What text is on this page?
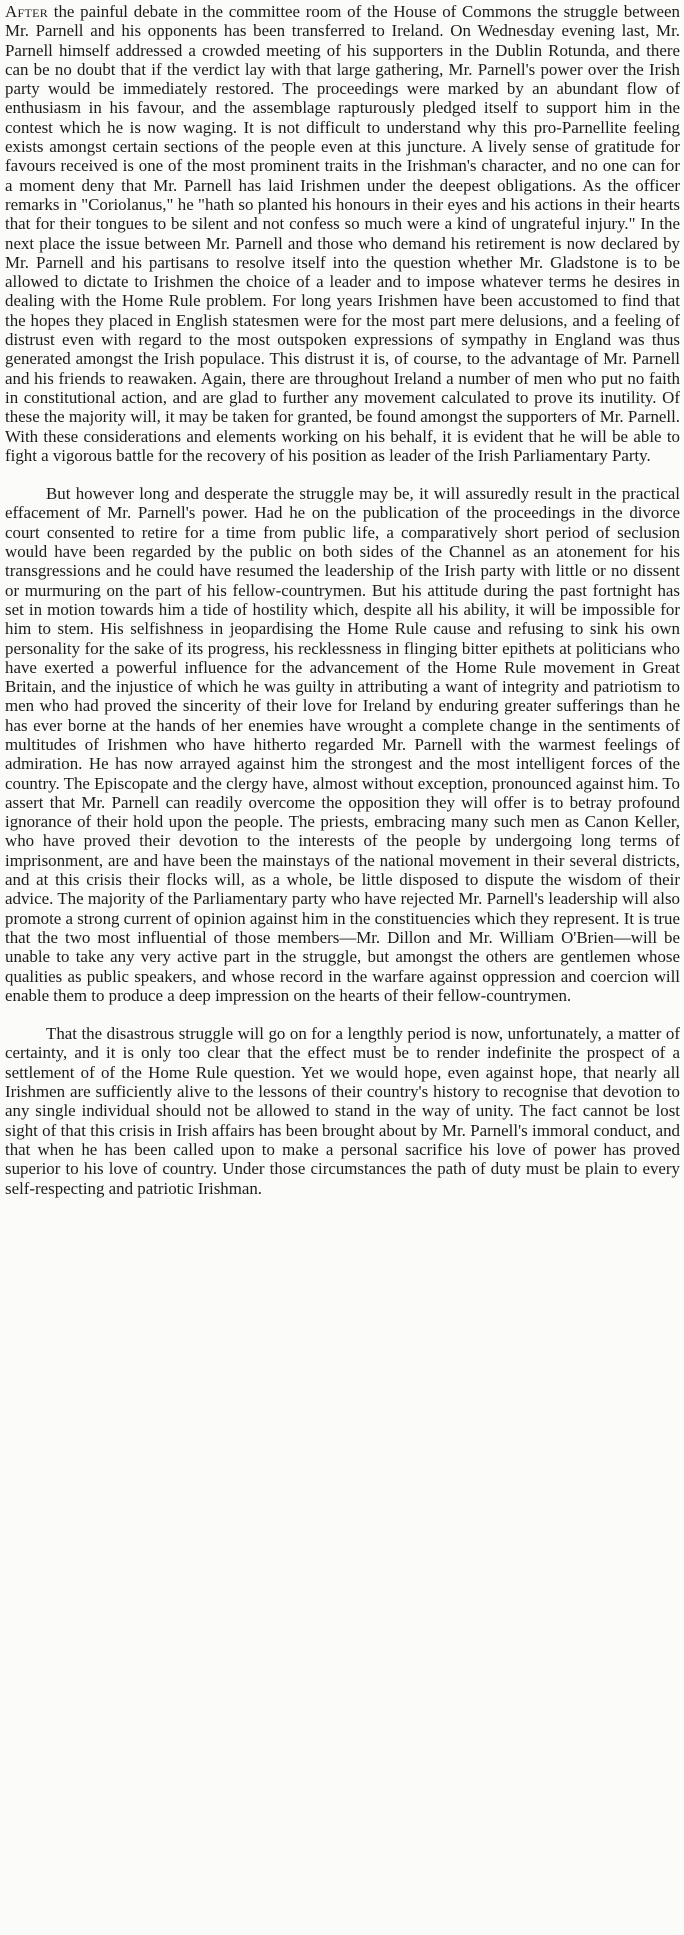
After the painful debate in the committee room of the House of Commons the struggle between Mr. Parnell and his opponents has been transferred to Ireland. On Wednesday evening last, Mr. Parnell himself addressed a crowded meeting of his supporters in the Dublin Rotunda, and there can be no doubt that if the verdict lay with that large gathering, Mr. Parnell's power over the Irish party would be immediately restored. The proceedings were marked by an abundant flow of enthusiasm in his favour, and the assemblage rapturously pledged itself to support him in the contest which he is now waging. It is not difficult to understand why this pro-Parnellite feeling exists amongst certain sections of the people even at this juncture. A lively sense of gratitude for favours received is one of the most prominent traits in the Irishman's character, and no one can for a moment deny that Mr. Parnell has laid Irishmen under the deepest obligations. As the officer remarks in "Coriolanus," he "hath so planted his honours in their eyes and his actions in their hearts that for their tongues to be silent and not confess so much were a kind of ungrateful injury." In the next place the issue between Mr. Parnell and those who demand his retirement is now declared by Mr. Parnell and his partisans to resolve itself into the question whether Mr. Gladstone is to be allowed to dictate to Irishmen the choice of a leader and to impose whatever terms he desires in dealing with the Home Rule problem. For long years Irishmen have been accustomed to find that the hopes they placed in English statesmen were for the most part mere delusions, and a feeling of distrust even with regard to the most outspoken expressions of sympathy in England was thus generated amongst the Irish populace. This distrust it is, of course, to the advantage of Mr. Parnell and his friends to reawaken. Again, there are throughout Ireland a number of men who put no faith in constitutional action, and are glad to further any movement calculated to prove its inutility. Of these the majority will, it may be taken for granted, be found amongst the supporters of Mr. Parnell. With these considerations and elements working on his behalf, it is evident that he will be able to fight a vigorous battle for the recovery of his position as leader of the Irish Parliamentary Party.

But however long and desperate the struggle may be, it will assuredly result in the practical effacement of Mr. Parnell's power. Had he on the publication of the proceedings in the divorce court consented to retire for a time from public life, a comparatively short period of seclusion would have been regarded by the public on both sides of the Channel as an atonement for his transgressions and he could have resumed the leadership of the Irish party with little or no dissent or murmuring on the part of his fellow-countrymen. But his attitude during the past fortnight has set in motion towards him a tide of hostility which, despite all his ability, it will be impossible for him to stem. His selfishness in jeopardising the Home Rule cause and refusing to sink his own personality for the sake of its progress, his recklessness in flinging bitter epithets at politicians who have exerted a powerful influence for the advancement of the Home Rule movement in Great Britain, and the injustice of which he was guilty in attributing a want of integrity and patriotism to men who had proved the sincerity of their love for Ireland by enduring greater sufferings than he has ever borne at the hands of her enemies have wrought a complete change in the sentiments of multitudes of Irishmen who have hitherto regarded Mr. Parnell with the warmest feelings of admiration. He has now arrayed against him the strongest and the most intelligent forces of the country. The Episcopate and the clergy have, almost without exception, pronounced against him. To assert that Mr. Parnell can readily overcome the opposition they will offer is to betray profound ignorance of their hold upon the people. The priests, embracing many such men as Canon Keller, who have proved their devotion to the interests of the people by undergoing long terms of imprisonment, are and have been the mainstays of the national movement in their several districts, and at this crisis their flocks will, as a whole, be little disposed to dispute the wisdom of their advice. The majority of the Parliamentary party who have rejected Mr. Parnell's leadership will also promote a strong current of opinion against him in the constituencies which they represent. It is true that the two most influential of those members—Mr. Dillon and Mr. William O'Brien—will be unable to take any very active part in the struggle, but amongst the others are gentlemen whose qualities as public speakers, and whose record in the warfare against oppression and coercion will enable them to produce a deep impression on the hearts of their fellow-countrymen.

That the disastrous struggle will go on for a lengthly period is now, unfortunately, a matter of certainty, and it is only too clear that the effect must be to render indefinite the prospect of a settlement of of the Home Rule question. Yet we would hope, even against hope, that nearly all Irishmen are sufficiently alive to the lessons of their country's history to recognise that devotion to any single individual should not be allowed to stand in the way of unity. The fact cannot be lost sight of that this crisis in Irish affairs has been brought about by Mr. Parnell's immoral conduct, and that when he has been called upon to make a personal sacrifice his love of power has proved superior to his love of country. Under those circumstances the path of duty must be plain to every self-respecting and patriotic Irishman.
